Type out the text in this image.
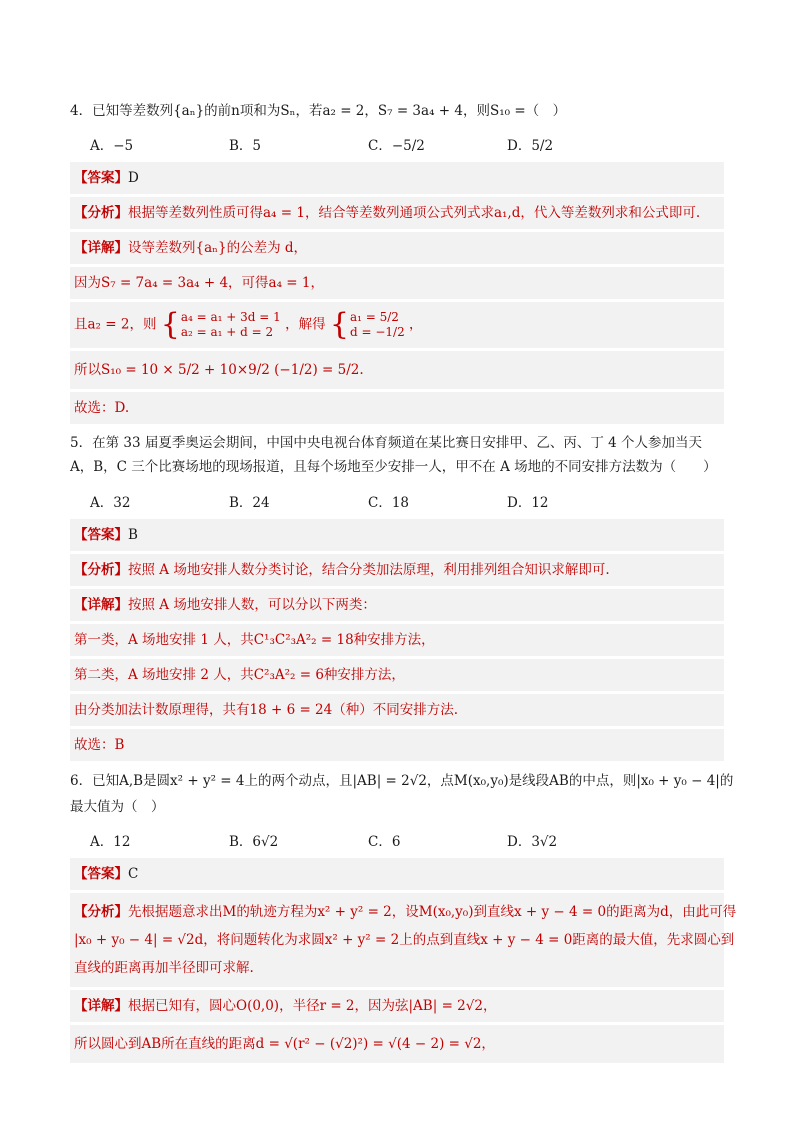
4．已知等差数列{aₙ}的前n项和为Sₙ，若a₂ = 2，S₇ = 3a₄ + 4，则S₁₀ =（　）
A．−5	B．5	C．−5/2	D．5/2
【答案】D
【分析】根据等差数列性质可得a₄ = 1，结合等差数列通项公式列式求a₁,d，代入等差数列求和公式即可.
【详解】设等差数列{aₙ}的公差为 d，
因为S₇ = 7a₄ = 3a₄ + 4，可得a₄ = 1，
且a₂ = 2，则 { a₄ = a₁ + 3d = 1
a₂ = a₁ + d = 2 ，解得 { a₁ = 5/2
d = −1/2 ，
所以S₁₀ = 10 × 5/2 + 10×9/2 (−1/2) = 5/2.
故选：D.
5．在第 33 届夏季奥运会期间，中国中央电视台体育频道在某比赛日安排甲、乙、丙、丁 4 个人参加当天 A，B，C 三个比赛场地的现场报道，且每个场地至少安排一人，甲不在 A 场地的不同安排方法数为（　　）
A．32	B．24	C．18	D．12
【答案】B
【分析】按照 A 场地安排人数分类讨论，结合分类加法原理，利用排列组合知识求解即可.
【详解】按照 A 场地安排人数，可以分以下两类：
第一类，A 场地安排 1 人，共C¹₃C²₃A²₂ = 18种安排方法，
第二类，A 场地安排 2 人，共C²₃A²₂ = 6种安排方法，
由分类加法计数原理得，共有18 + 6 = 24（种）不同安排方法.
故选：B
6．已知A,B是圆x² + y² = 4上的两个动点，且|AB| = 2√2，点M(x₀,y₀)是线段AB的中点，则|x₀ + y₀ − 4|的
最大值为（　）
A．12	B．6√2	C．6	D．3√2
【答案】C
【分析】先根据题意求出M的轨迹方程为x² + y² = 2，设M(x₀,y₀)到直线x + y − 4 = 0的距离为d，由此可得
|x₀ + y₀ − 4| = √2d，将问题转化为求圆x² + y² = 2上的点到直线x + y − 4 = 0距离的最大值，先求圆心到
直线的距离再加半径即可求解.
【详解】根据已知有，圆心O(0,0)，半径r = 2，因为弦|AB| = 2√2，
所以圆心到AB所在直线的距离d = √(r² − (√2)²) = √(4 − 2) = √2，
